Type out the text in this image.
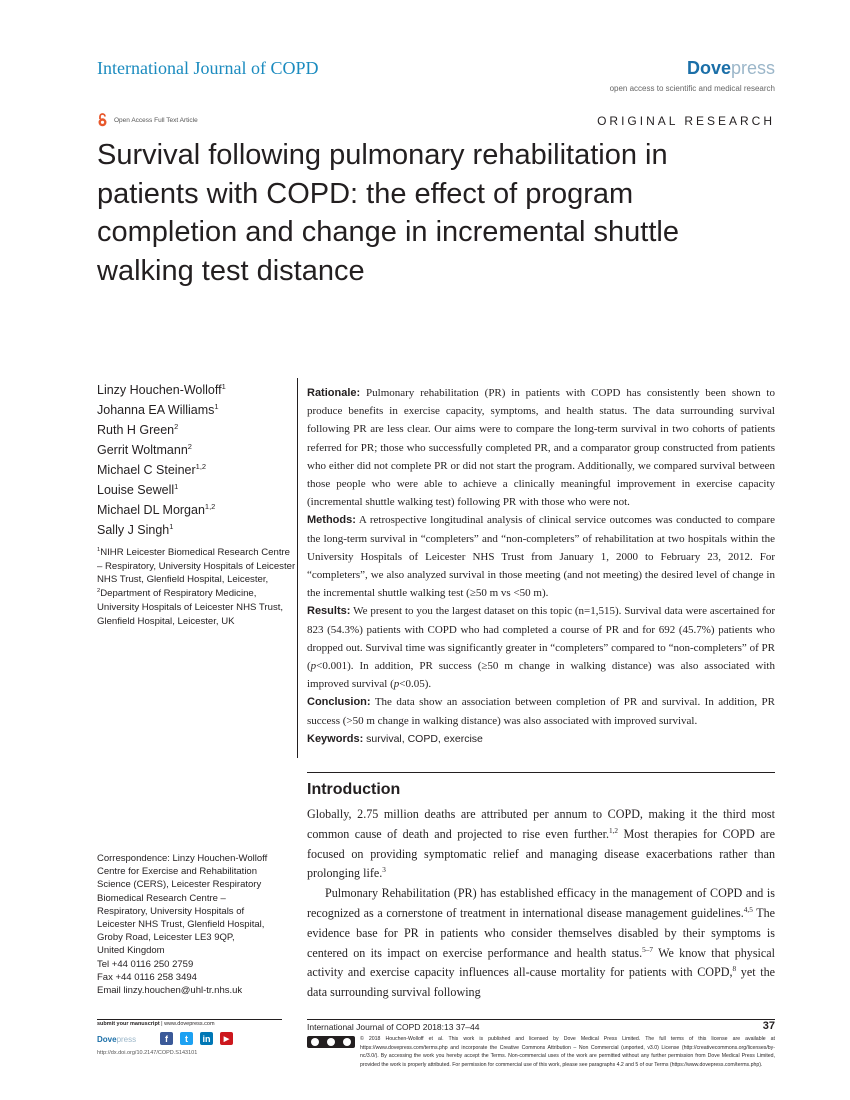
International Journal of COPD	Dovepress
open access to scientific and medical research
Open Access Full Text Article	ORIGINAL RESEARCH
Survival following pulmonary rehabilitation in patients with COPD: the effect of program completion and change in incremental shuttle walking test distance
Linzy Houchen-Wolloff$^1$
Johanna EA Williams$^1$
Ruth H Green$^2$
Gerrit Woltmann$^2$
Michael C Steiner$^{1,2}$
Louise Sewell$^1$
Michael DL Morgan$^{1,2}$
Sally J Singh$^1$
$^1$NIHR Leicester Biomedical Research Centre – Respiratory, University Hospitals of Leicester NHS Trust, Glenfield Hospital, Leicester,
$^2$Department of Respiratory Medicine, University Hospitals of Leicester NHS Trust, Glenfield Hospital, Leicester, UK

Rationale: Pulmonary rehabilitation (PR) in patients with COPD has consistently been shown to produce benefits in exercise capacity, symptoms, and health status. The data surrounding survival following PR are less clear. Our aims were to compare the long-term survival in two cohorts of patients referred for PR; those who successfully completed PR, and a comparator group constructed from patients who either did not complete PR or did not start the program. Additionally, we compared survival between those people who were able to achieve a clinically meaningful improvement in exercise capacity (incremental shuttle walking test) following PR with those who were not.

Methods: A retrospective longitudinal analysis of clinical service outcomes was conducted to compare the long-term survival in “completers” and “non-completers” of rehabilitation at two hospitals within the University Hospitals of Leicester NHS Trust from January 1, 2000 to February 23, 2012. For “completers”, we also analyzed survival in those meeting (and not meeting) the desired level of change in the incremental shuttle walking test (≥50 m vs <50 m).

Results: We present to you the largest dataset on this topic (n=1,515). Survival data were ascertained for 823 (54.3%) patients with COPD who had completed a course of PR and for 692 (45.7%) patients who dropped out. Survival time was significantly greater in “completers” compared to “non-completers” of PR (p<0.001). In addition, PR success (≥50 m change in walking distance) was also associated with improved survival (p<0.05).

Conclusion: The data show an association between completion of PR and survival. In addition, PR success (>50 m change in walking distance) was also associated with improved survival.

Keywords: survival, COPD, exercise

Introduction

Globally, 2.75 million deaths are attributed per annum to COPD, making it the third most common cause of death and projected to rise even further.$^{1,2}$ Most therapies for COPD are focused on providing symptomatic relief and managing disease exacerbations rather than prolonging life.$^3$

Pulmonary Rehabilitation (PR) has established efficacy in the management of COPD and is recognized as a cornerstone of treatment in international disease management guidelines.$^{4,5}$ The evidence base for PR in patients who consider themselves disabled by their symptoms is centered on its impact on exercise performance and health status.$^{5-7}$ We know that physical activity and exercise capacity influences all-cause mortality for patients with COPD,$^8$ yet the data surrounding survival following

Correspondence: Linzy Houchen-Wolloff
Centre for Exercise and Rehabilitation
Science (CERS), Leicester Respiratory
Biomedical Research Centre –
Respiratory, University Hospitals of
Leicester NHS Trust, Glenfield Hospital,
Groby Road, Leicester LE3 9QP,
United Kingdom
Tel +44 0116 250 2759
Fax +44 0116 258 3494
Email linzy.houchen@uhl-tr.nhs.uk
submit your manuscript | www.dovepress.com
Dovepress	f	t	in	▶
http://dx.doi.org/10.2147/COPD.S143101
International Journal of COPD 2018:13 37–44	37
© 2018 Houchen-Wolloff et al. This work is published and licensed by Dove Medical Press Limited. The full terms of this license are available at https://www.dovepress.com/terms.php and incorporate the Creative Commons Attribution – Non Commercial (unported, v3.0) License (http://creativecommons.org/licenses/by-nc/3.0/). By accessing the work you hereby accept the Terms. Non-commercial uses of the work are permitted without any further permission from Dove Medical Press Limited, provided the work is properly attributed. For permission for commercial use of this work, please see paragraphs 4.2 and 5 of our Terms (https://www.dovepress.com/terms.php).
